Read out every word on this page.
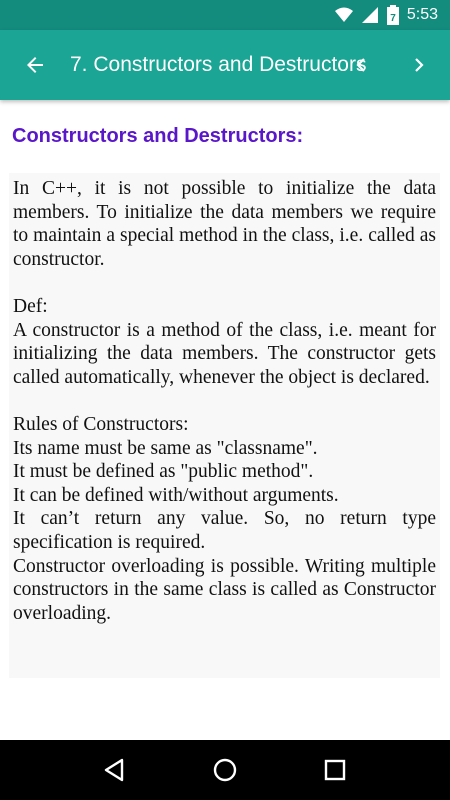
7 5:53
7. Constructors and Destructors
Constructors and Destructors:

In C++, it is not possible to initialize the data members. To initialize the data members we require to maintain a special method in the class, i.e. called as constructor.

Def:

A constructor is a method of the class, i.e. meant for initializing the data members. The constructor gets called automatically, whenever the object is declared.

Rules of Constructors:

Its name must be same as "classname".

It must be defined as "public method".

It can be defined with/without arguments.

It can’t return any value. So, no return type specification is required.

Constructor overloading is possible. Writing multiple constructors in the same class is called as Constructor overloading.
